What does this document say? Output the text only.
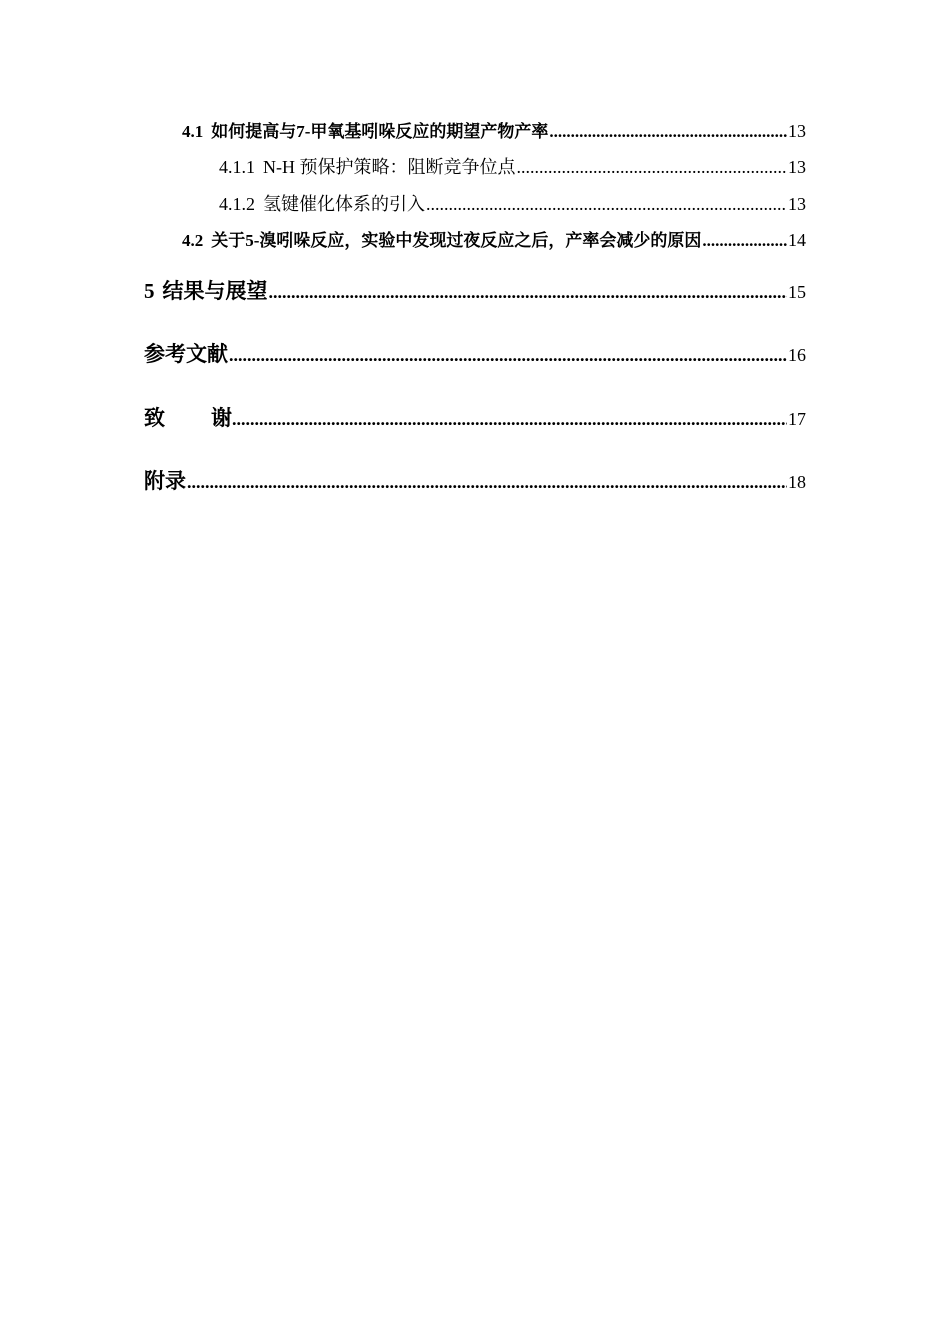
4.1 如何提高与7-甲氧基吲哚反应的期望产物产率 .....	13
4.1.1 N-H 预保护策略：阻断竞争位点 .....	13
4.1.2 氢键催化体系的引入 .....	13
4.2 关于5-溴吲哚反应，实验中发现过夜反应之后，产率会减少的原因 .....	14
5 结果与展望 .....	15
参考文献 .....	16
致谢 .....	17
附录 .....	18
